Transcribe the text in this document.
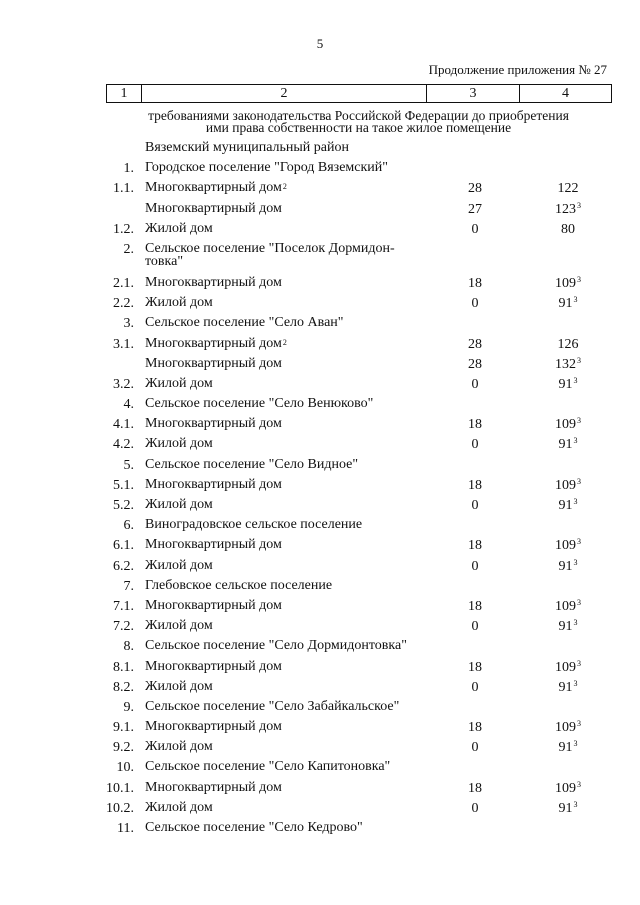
5
Продолжение приложения № 27
1	2	3	4
требованиями законодательства Российской Федерации до приобретения
ими права собственности на такое жилое помещение
Вяземский муниципальный район
1. Городское поселение "Город Вяземский"
1.1. Многоквартирный дом$^2$	28	122
Многоквартирный дом	27	$123^3$
1.2. Жилой дом	0	80
2. Сельское поселение "Поселок Дормидон-товка"
2.1. Многоквартирный дом	18	$109^3$
2.2. Жилой дом	0	$91^3$
3. Сельское поселение "Село Аван"
3.1. Многоквартирный дом$^2$	28	126
Многоквартирный дом	28	$132^3$
3.2. Жилой дом	0	$91^3$
4. Сельское поселение "Село Венюково"
4.1. Многоквартирный дом	18	$109^3$
4.2. Жилой дом	0	$91^3$
5. Сельское поселение "Село Видное"
5.1. Многоквартирный дом	18	$109^3$
5.2. Жилой дом	0	$91^3$
6. Виноградовское сельское поселение
6.1. Многоквартирный дом	18	$109^3$
6.2. Жилой дом	0	$91^3$
7. Глебовское сельское поселение
7.1. Многоквартирный дом	18	$109^3$
7.2. Жилой дом	0	$91^3$
8. Сельское поселение "Село Дормидонтовка"
8.1. Многоквартирный дом	18	$109^3$
8.2. Жилой дом	0	$91^3$
9. Сельское поселение "Село Забайкальское"
9.1. Многоквартирный дом	18	$109^3$
9.2. Жилой дом	0	$91^3$
10. Сельское поселение "Село Капитоновка"
10.1. Многоквартирный дом	18	$109^3$
10.2. Жилой дом	0	$91^3$
11. Сельское поселение "Село Кедрово"
